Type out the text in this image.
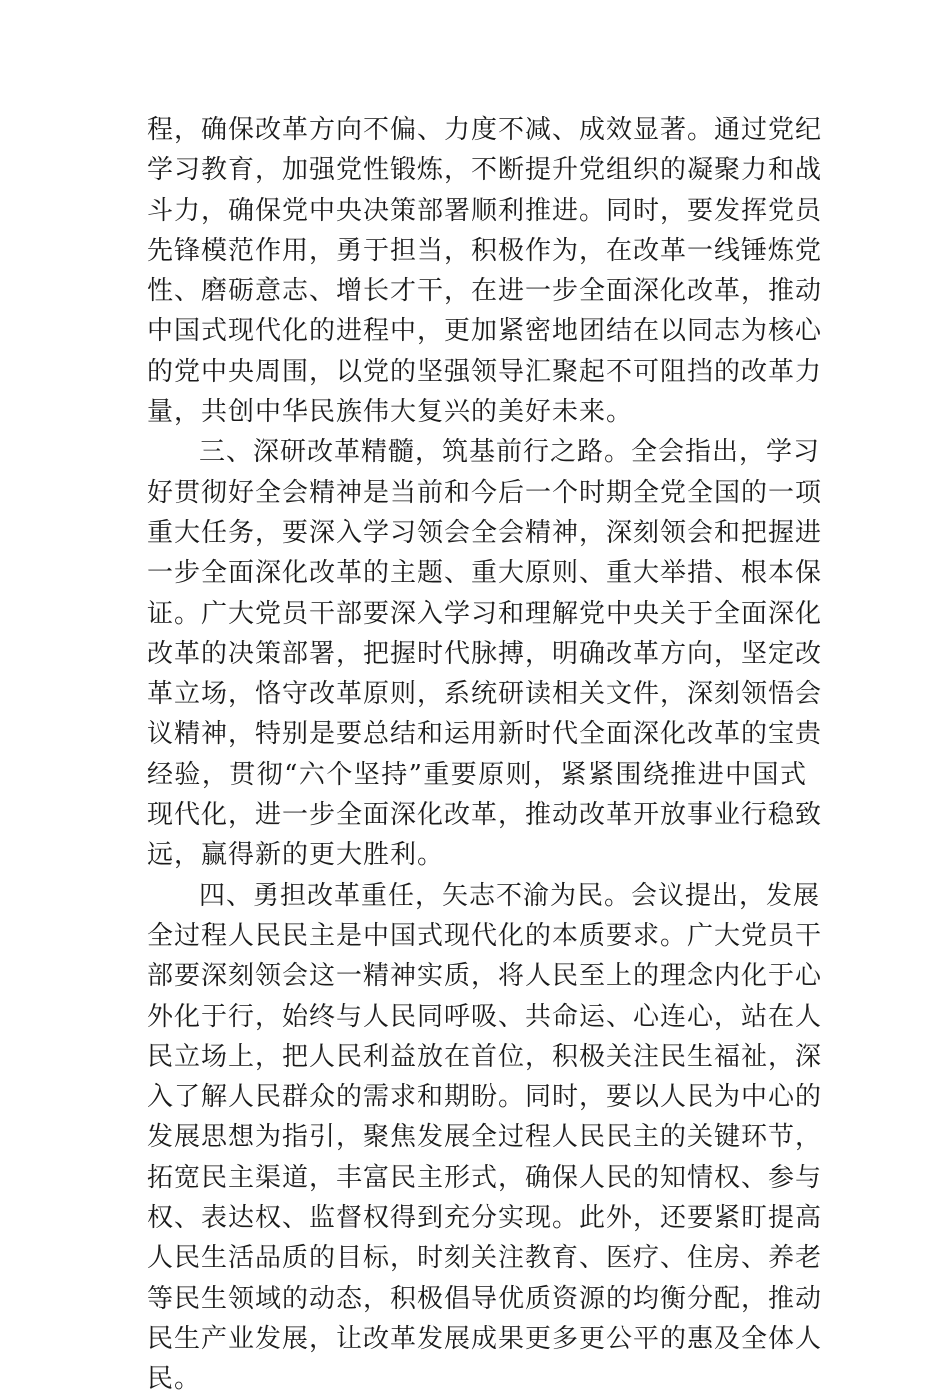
程，确保改革方向不偏、力度不减、成效显著。通过党纪
学习教育，加强党性锻炼，不断提升党组织的凝聚力和战
斗力，确保党中央决策部署顺利推进。同时，要发挥党员
先锋模范作用，勇于担当，积极作为，在改革一线锤炼党
性、磨砺意志、增长才干，在进一步全面深化改革，推动
中国式现代化的进程中，更加紧密地团结在以同志为核心
的党中央周围，以党的坚强领导汇聚起不可阻挡的改革力
量，共创中华民族伟大复兴的美好未来。
三、深研改革精髓，筑基前行之路。全会指出，学习
好贯彻好全会精神是当前和今后一个时期全党全国的一项
重大任务，要深入学习领会全会精神，深刻领会和把握进
一步全面深化改革的主题、重大原则、重大举措、根本保
证。广大党员干部要深入学习和理解党中央关于全面深化
改革的决策部署，把握时代脉搏，明确改革方向，坚定改
革立场，恪守改革原则，系统研读相关文件，深刻领悟会
议精神，特别是要总结和运用新时代全面深化改革的宝贵
经验，贯彻“六个坚持”重要原则，紧紧围绕推进中国式
现代化，进一步全面深化改革，推动改革开放事业行稳致
远，赢得新的更大胜利。
四、勇担改革重任，矢志不渝为民。会议提出，发展
全过程人民民主是中国式现代化的本质要求。广大党员干
部要深刻领会这一精神实质，将人民至上的理念内化于心
外化于行，始终与人民同呼吸、共命运、心连心，站在人
民立场上，把人民利益放在首位，积极关注民生福祉，深
入了解人民群众的需求和期盼。同时，要以人民为中心的
发展思想为指引，聚焦发展全过程人民民主的关键环节，
拓宽民主渠道，丰富民主形式，确保人民的知情权、参与
权、表达权、监督权得到充分实现。此外，还要紧盯提高
人民生活品质的目标，时刻关注教育、医疗、住房、养老
等民生领域的动态，积极倡导优质资源的均衡分配，推动
民生产业发展，让改革发展成果更多更公平的惠及全体人
民。
